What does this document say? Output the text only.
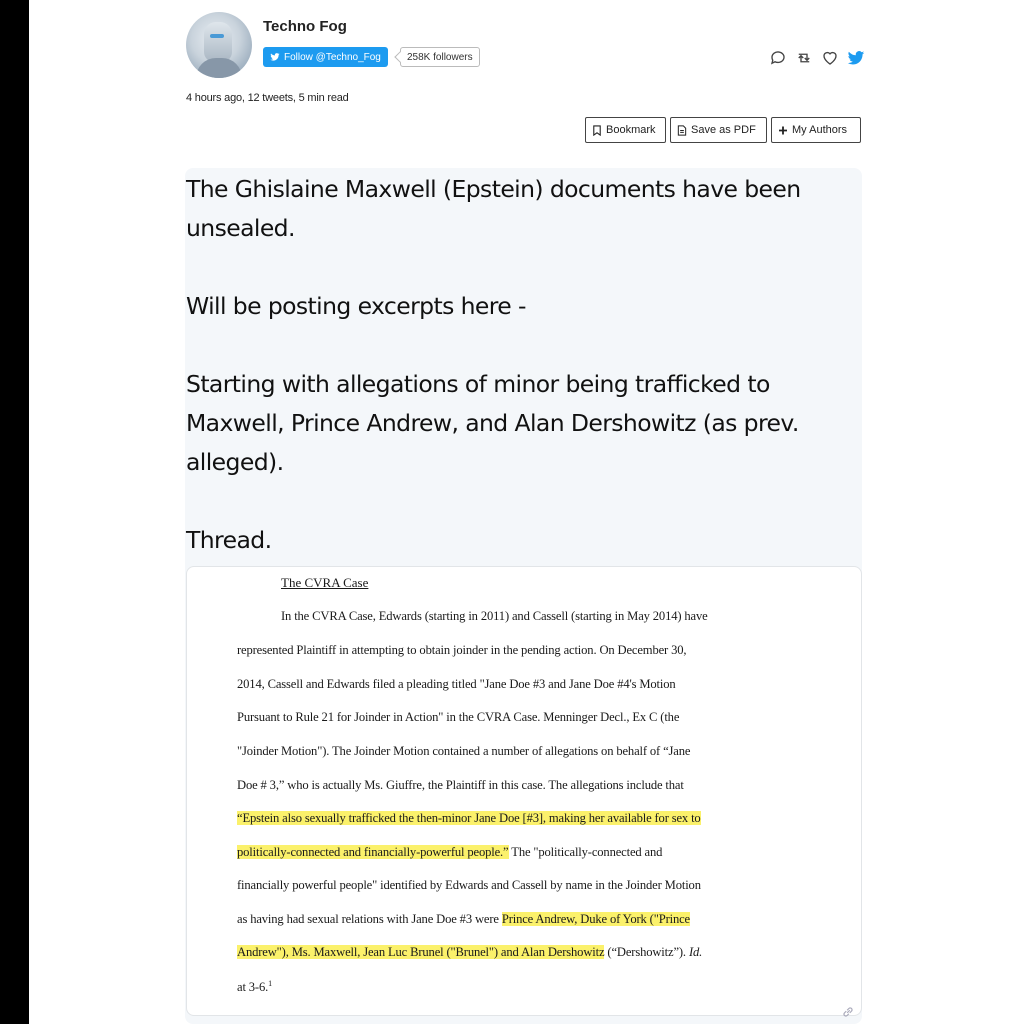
Techno Fog
Follow @Techno_Fog	258K followers
4 hours ago, 12 tweets, 5 min read
Bookmark	Save as PDF	My Authors

The Ghislaine Maxwell (Epstein) documents have been

unsealed.

Will be posting excerpts here -

Starting with allegations of minor being trafficked to

Maxwell, Prince Andrew, and Alan Dershowitz (as prev.

alleged).

Thread.

The CVRA Case
In the CVRA Case, Edwards (starting in 2011) and Cassell (starting in May 2014) have
represented Plaintiff in attempting to obtain joinder in the pending action. On December 30,
2014, Cassell and Edwards filed a pleading titled "Jane Doe #3 and Jane Doe #4's Motion
Pursuant to Rule 21 for Joinder in Action" in the CVRA Case. Menninger Decl., Ex C (the
"Joinder Motion"). The Joinder Motion contained a number of allegations on behalf of “Jane
Doe # 3,” who is actually Ms. Giuffre, the Plaintiff in this case. The allegations include that
“Epstein also sexually trafficked the then-minor Jane Doe [#3], making her available for sex to
politically-connected and financially-powerful people.” The "politically-connected and
financially powerful people" identified by Edwards and Cassell by name in the Joinder Motion
as having had sexual relations with Jane Doe #3 were Prince Andrew, Duke of York ("Prince
Andrew"), Ms. Maxwell, Jean Luc Brunel ("Brunel") and Alan Dershowitz (“Dershowitz”). Id.
at 3-6.$^1$
